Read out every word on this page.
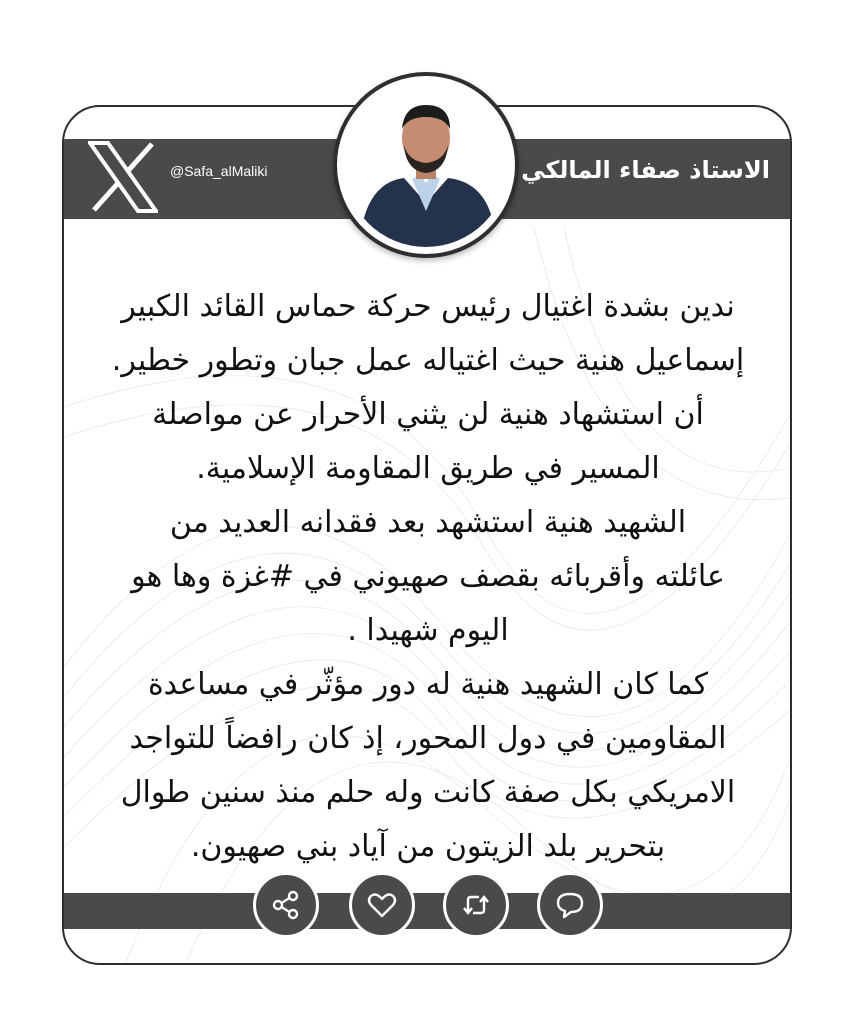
@Safa_alMaliki	الاستاذ صفاء المالكي

ندين بشدة اغتيال رئيس حركة حماس القائد الكبير

إسماعيل هنية حيث اغتياله عمل جبان وتطور خطير.

أن استشهاد هنية لن يثني الأحرار عن مواصلة

المسير في طريق المقاومة الإسلامية.

الشهيد هنية استشهد بعد فقدانه العديد من

عائلته وأقربائه بقصف صهيوني في #غزة وها هو

اليوم شهيدا .

كما كان الشهيد هنية له دور مؤثّر في مساعدة

المقاومين في دول المحور، إذ كان رافضاً للتواجد

الامريكي بكل صفة كانت وله حلم منذ سنين طوال

بتحرير بلد الزيتون من آياد بني صهيون.
